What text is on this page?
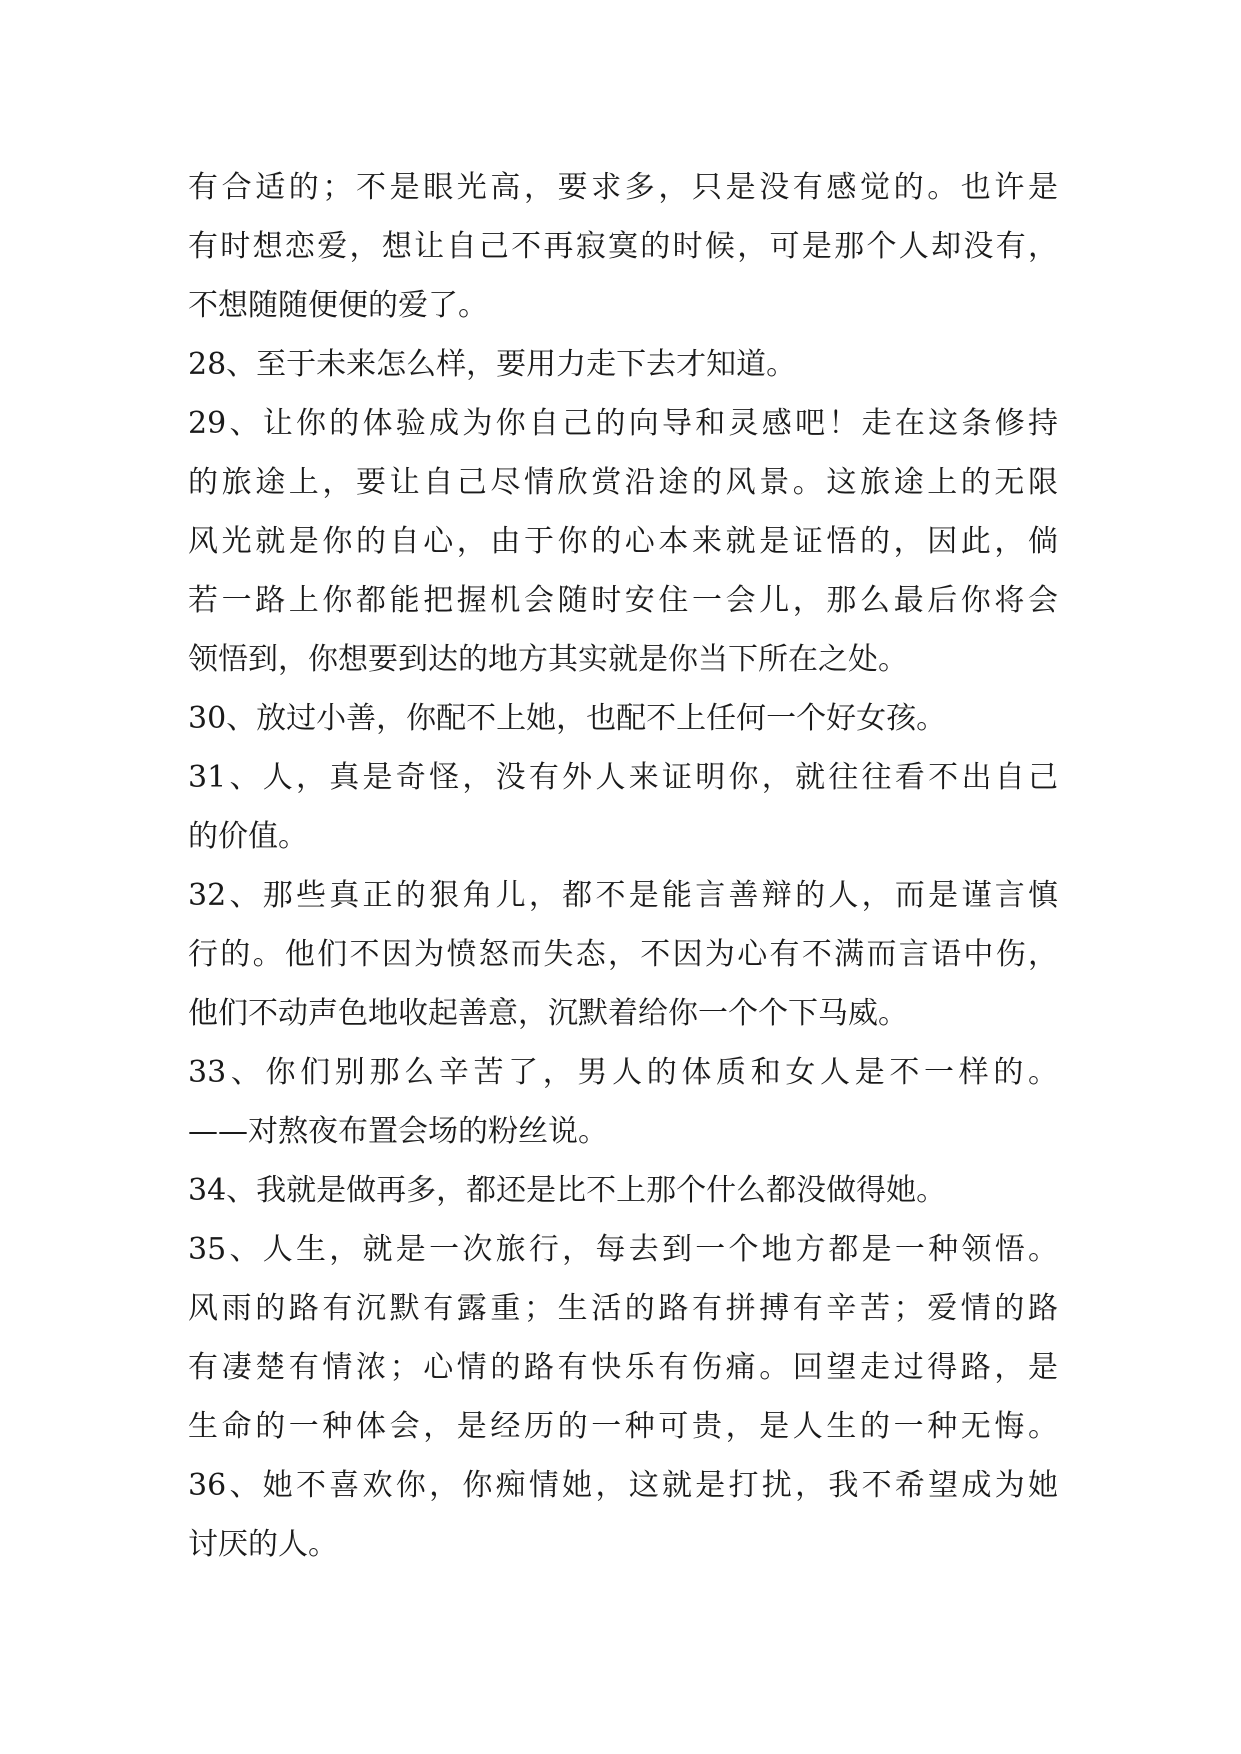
有合适的；不是眼光高，要求多，只是没有感觉的。也许是
有时想恋爱，想让自己不再寂寞的时候，可是那个人却没有，
不想随随便便的爱了。
28、至于未来怎么样，要用力走下去才知道。
29、让你的体验成为你自己的向导和灵感吧！走在这条修持
的旅途上，要让自己尽情欣赏沿途的风景。这旅途上的无限
风光就是你的自心，由于你的心本来就是证悟的，因此，倘
若一路上你都能把握机会随时安住一会儿，那么最后你将会
领悟到，你想要到达的地方其实就是你当下所在之处。
30、放过小善，你配不上她，也配不上任何一个好女孩。
31、人，真是奇怪，没有外人来证明你，就往往看不出自己
的价值。
32、那些真正的狠角儿，都不是能言善辩的人，而是谨言慎
行的。他们不因为愤怒而失态，不因为心有不满而言语中伤，
他们不动声色地收起善意，沉默着给你一个个下马威。
33、你们别那么辛苦了，男人的体质和女人是不一样的。
——对熬夜布置会场的粉丝说。
34、我就是做再多，都还是比不上那个什么都没做得她。
35、人生，就是一次旅行，每去到一个地方都是一种领悟。
风雨的路有沉默有露重；生活的路有拼搏有辛苦；爱情的路
有凄楚有情浓；心情的路有快乐有伤痛。回望走过得路，是
生命的一种体会，是经历的一种可贵，是人生的一种无悔。
36、她不喜欢你，你痴情她，这就是打扰，我不希望成为她
讨厌的人。
